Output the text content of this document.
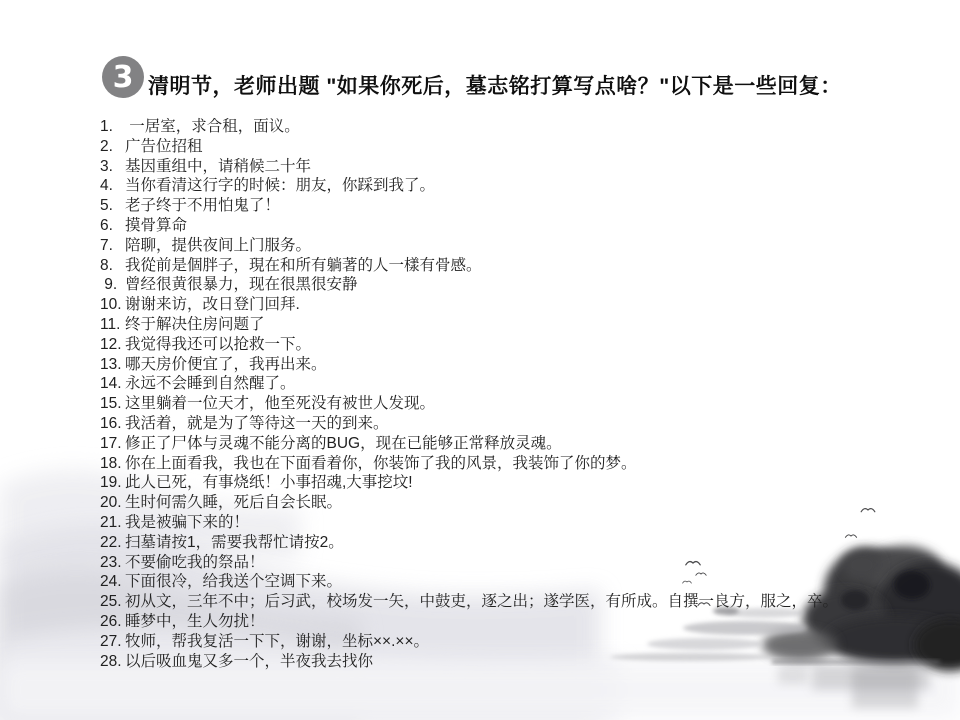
3 清明节，老师出题 "如果你死后，墓志铭打算写点啥？"以下是一些回复：
1. 一居室，求合租，面议。
2. 广告位招租
3. 基因重组中，请稍候二十年
4. 当你看清这行字的时候：朋友，你踩到我了。
5. 老子终于不用怕鬼了！
6. 摸骨算命
7. 陪聊，提供夜间上门服务。
8. 我從前是個胖子，現在和所有躺著的人一樣有骨感。
9. 曾经很黄很暴力，现在很黑很安静
10. 谢谢来访，改日登门回拜.
11. 终于解决住房问题了
12. 我觉得我还可以抢救一下。
13. 哪天房价便宜了，我再出来。
14. 永远不会睡到自然醒了。
15. 这里躺着一位天才，他至死没有被世人发现。
16. 我活着，就是为了等待这一天的到来。
17. 修正了尸体与灵魂不能分离的BUG，现在已能够正常释放灵魂。
18. 你在上面看我，我也在下面看着你，你装饰了我的风景，我装饰了你的梦。
19. 此人已死，有事烧纸！小事招魂,大事挖坟!
20. 生时何需久睡，死后自会长眠。
21. 我是被骗下来的！
22. 扫墓请按1，需要我帮忙请按2。
23. 不要偷吃我的祭品！
24. 下面很冷，给我送个空调下来。
25. 初从文，三年不中；后习武，校场发一矢，中鼓吏，逐之出；遂学医，有所成。自撰一良方，服之，卒。
26. 睡梦中，生人勿扰！
27. 牧师，帮我复活一下下，谢谢，坐标××.××。
28. 以后吸血鬼又多一个，半夜我去找你
